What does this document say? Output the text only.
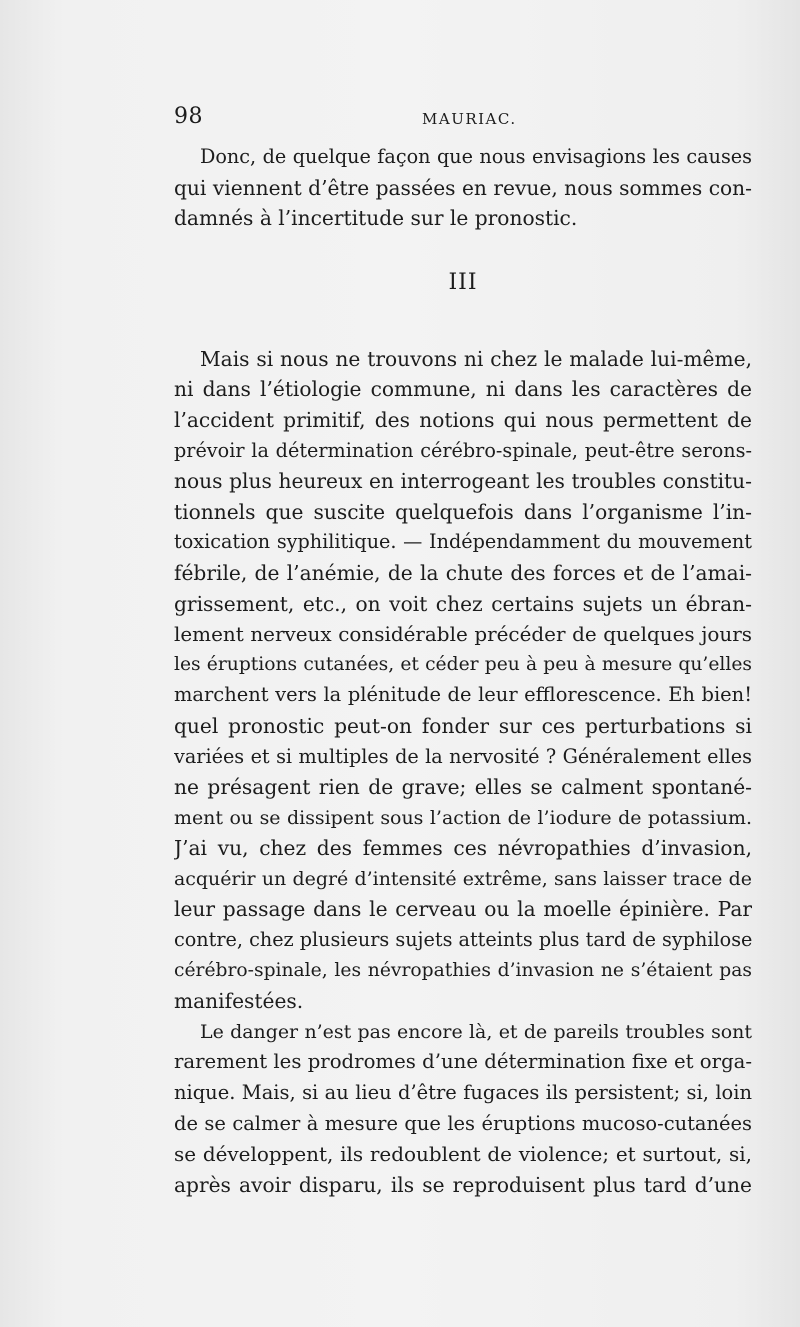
98	MAURIAC.
Donc, de quelque façon que nous envisagions les causes
qui viennent d’être passées en revue, nous sommes con-
damnés à l’incertitude sur le pronostic.
III
Mais si nous ne trouvons ni chez le malade lui-même,
ni dans l’étiologie commune, ni dans les caractères de
l’accident primitif, des notions qui nous permettent de
prévoir la détermination cérébro-spinale, peut-être serons-
nous plus heureux en interrogeant les troubles constitu-
tionnels que suscite quelquefois dans l’organisme l’in-
toxication syphilitique. — Indépendamment du mouvement
fébrile, de l’anémie, de la chute des forces et de l’amai-
grissement, etc., on voit chez certains sujets un ébran-
lement nerveux considérable précéder de quelques jours
les éruptions cutanées, et céder peu à peu à mesure qu’elles
marchent vers la plénitude de leur efflorescence. Eh bien!
quel pronostic peut-on fonder sur ces perturbations si
variées et si multiples de la nervosité ? Généralement elles
ne présagent rien de grave; elles se calment spontané-
ment ou se dissipent sous l’action de l’iodure de potassium.
J’ai vu, chez des femmes ces névropathies d’invasion,
acquérir un degré d’intensité extrême, sans laisser trace de
leur passage dans le cerveau ou la moelle épinière. Par
contre, chez plusieurs sujets atteints plus tard de syphilose
cérébro-spinale, les névropathies d’invasion ne s’étaient pas
manifestées.
Le danger n’est pas encore là, et de pareils troubles sont
rarement les prodromes d’une détermination fixe et orga-
nique. Mais, si au lieu d’être fugaces ils persistent; si, loin
de se calmer à mesure que les éruptions mucoso-cutanées
se développent, ils redoublent de violence; et surtout, si,
après avoir disparu, ils se reproduisent plus tard d’une
